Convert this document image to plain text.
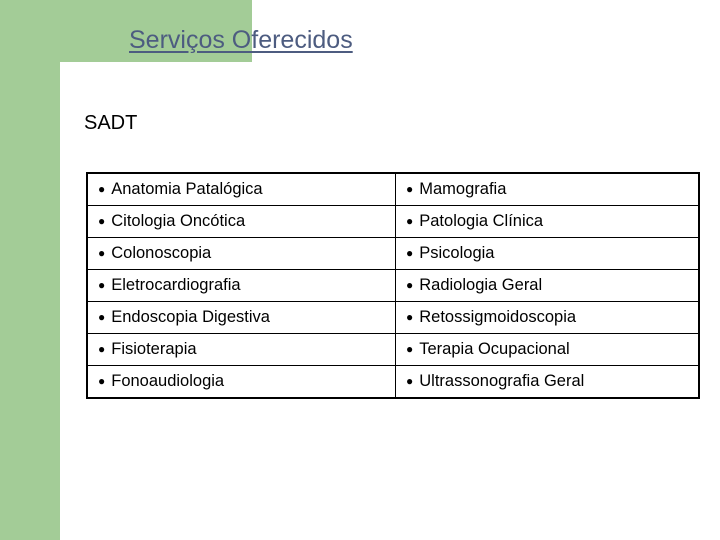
Serviços Oferecidos
SADT
● Anatomia Patalógica	● Mamografia
● Citologia Oncótica	● Patologia Clínica
● Colonoscopia	● Psicologia
● Eletrocardiografia	● Radiologia Geral
● Endoscopia Digestiva	● Retossigmoidoscopia
● Fisioterapia	● Terapia Ocupacional
● Fonoaudiologia	● Ultrassonografia Geral
